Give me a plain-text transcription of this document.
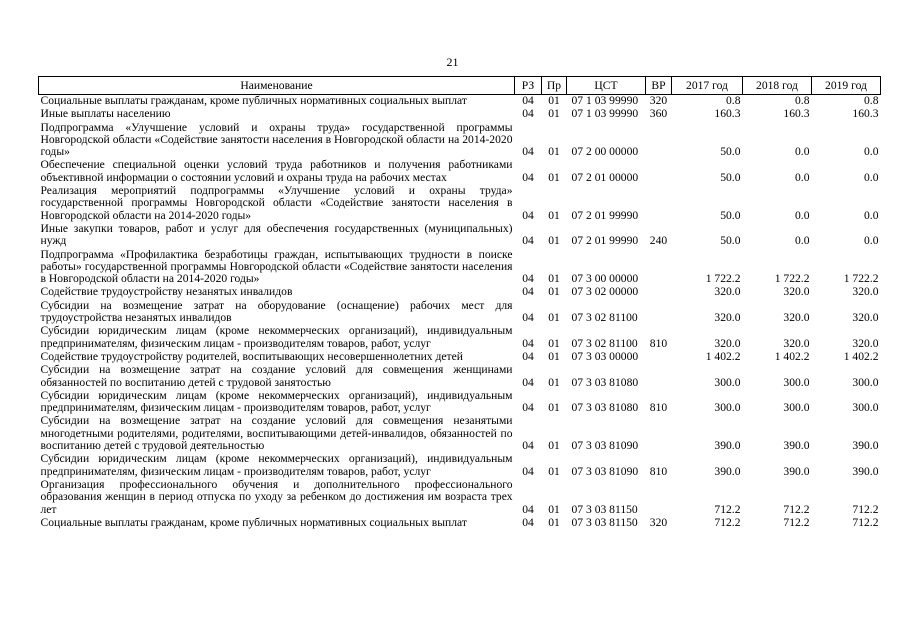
21
Наименование	РЗ	Пр	ЦСТ	ВР	2017 год	2018 год	2019 год
Социальные выплаты гражданам, кроме публичных нормативных социальных выплат	04	01	07 1 03 99990	320	0.8	0.8	0.8
Иные выплаты населению	04	01	07 1 03 99990	360	160.3	160.3	160.3
Подпрограмма «Улучшение условий и охраны труда» государственной программы Новгородской области «Содействие занятости населения в Новгородской области на 2014-2020 годы»	04	01	07 2 00 00000		50.0	0.0	0.0
Обеспечение специальной оценки условий труда работников и получения работниками объективной информации о состоянии условий и охраны труда на рабочих местах	04	01	07 2 01 00000		50.0	0.0	0.0
Реализация мероприятий подпрограммы «Улучшение условий и охраны труда» государственной программы Новгородской области «Содействие занятости населения в Новгородской области на 2014-2020 годы»	04	01	07 2 01 99990		50.0	0.0	0.0
Иные закупки товаров, работ и услуг для обеспечения государственных (муниципальных) нужд	04	01	07 2 01 99990	240	50.0	0.0	0.0
Подпрограмма «Профилактика безработицы граждан, испытывающих трудности в поиске работы» государственной программы Новгородской области «Содействие занятости населения в Новгородской области на 2014-2020 годы»	04	01	07 3 00 00000		1 722.2	1 722.2	1 722.2
Содействие трудоустройству незанятых инвалидов	04	01	07 3 02 00000		320.0	320.0	320.0
Субсидии на возмещение затрат на оборудование (оснащение) рабочих мест для трудоустройства незанятых инвалидов	04	01	07 3 02 81100		320.0	320.0	320.0
Субсидии юридическим лицам (кроме некоммерческих организаций), индивидуальным предпринимателям, физическим лицам - производителям товаров, работ, услуг	04	01	07 3 02 81100	810	320.0	320.0	320.0
Содействие трудоустройству родителей, воспитывающих несовершеннолетних детей	04	01	07 3 03 00000		1 402.2	1 402.2	1 402.2
Субсидии на возмещение затрат на создание условий для совмещения женщинами обязанностей по воспитанию детей с трудовой занятостью	04	01	07 3 03 81080		300.0	300.0	300.0
Субсидии юридическим лицам (кроме некоммерческих организаций), индивидуальным предпринимателям, физическим лицам - производителям товаров, работ, услуг	04	01	07 3 03 81080	810	300.0	300.0	300.0
Субсидии на возмещение затрат на создание условий для совмещения незанятыми многодетными родителями, родителями, воспитывающими детей-инвалидов, обязанностей по воспитанию детей с трудовой деятельностью	04	01	07 3 03 81090		390.0	390.0	390.0
Субсидии юридическим лицам (кроме некоммерческих организаций), индивидуальным предпринимателям, физическим лицам - производителям товаров, работ, услуг	04	01	07 3 03 81090	810	390.0	390.0	390.0
Организация профессионального обучения и дополнительного профессионального образования женщин в период отпуска по уходу за ребенком до достижения им возраста трех лет	04	01	07 3 03 81150		712.2	712.2	712.2
Социальные выплаты гражданам, кроме публичных нормативных социальных выплат	04	01	07 3 03 81150	320	712.2	712.2	712.2
